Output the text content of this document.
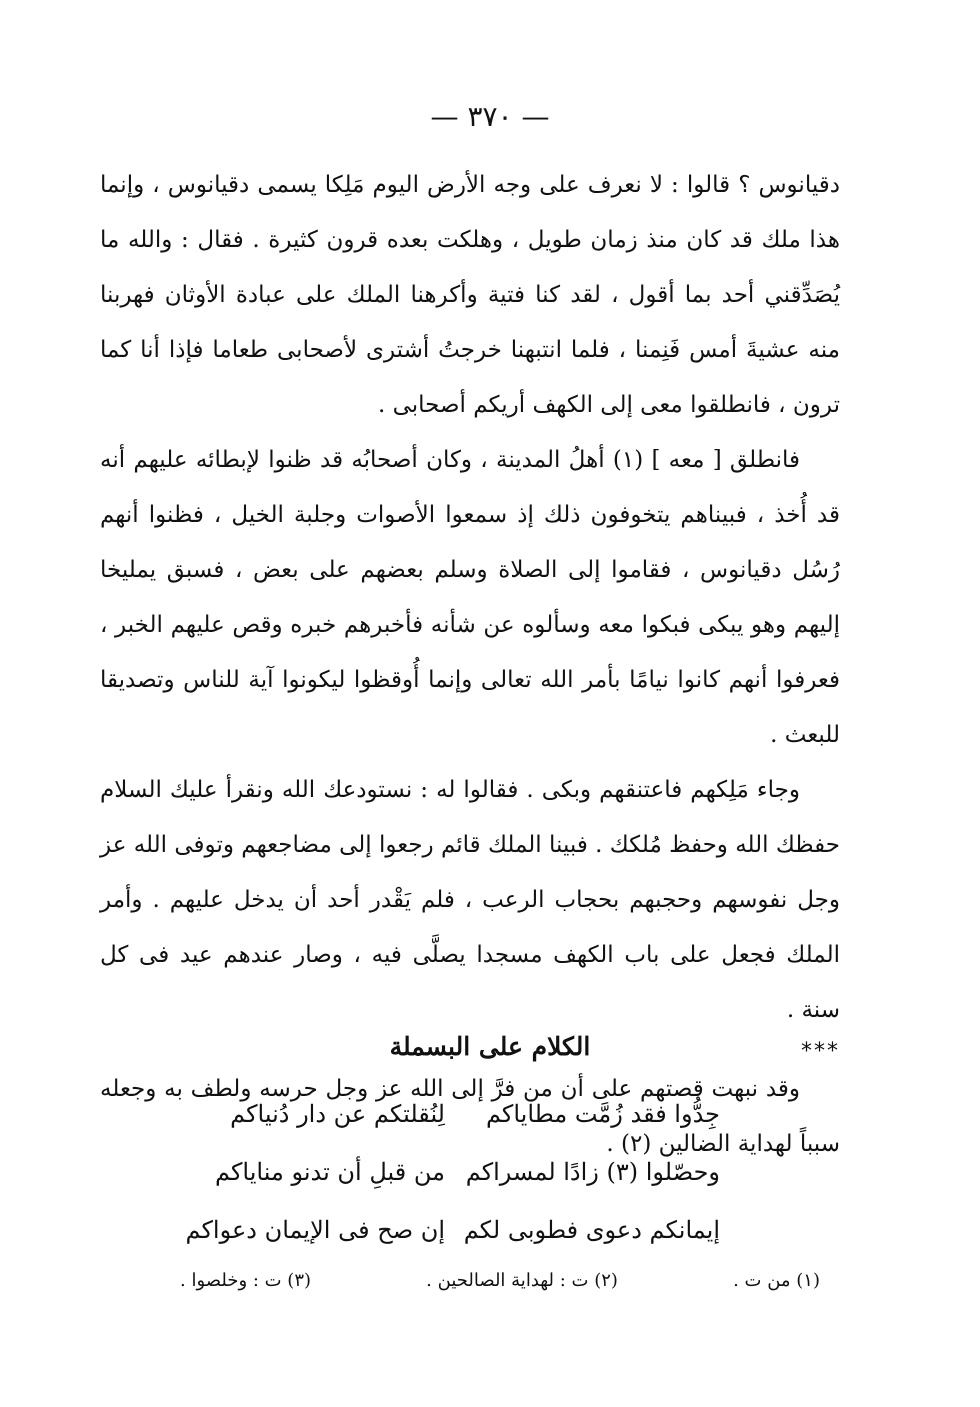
— ٣٧٠ —

دقيانوس ؟ قالوا : لا نعرف على وجه الأرض اليوم مَلِكا يسمى دقيانوس ، وإنما هذا ملك قد كان منذ زمان طويل ، وهلكت بعده قرون كثيرة . فقال : والله ما يُصَدِّقني أحد بما أقول ، لقد كنا فتية وأكرهنا الملك على عبادة الأوثان فهربنا منه عشيةَ أمس فَنِمنا ، فلما انتبهنا خرجتُ أشترى لأصحابى طعاما فإذا أنا كما ترون ، فانطلقوا معى إلى الكهف أريكم أصحابى .

فانطلق [ معه ] (١) أهلُ المدينة ، وكان أصحابُه قد ظنوا لإبطائه عليهم أنه قد أُخذ ، فبيناهم يتخوفون ذلك إذ سمعوا الأصوات وجلبة الخيل ، فظنوا أنهم رُسُل دقيانوس ، فقاموا إلى الصلاة وسلم بعضهم على بعض ، فسبق يمليخا إليهم وهو يبكى فبكوا معه وسألوه عن شأنه فأخبرهم خبره وقص عليهم الخبر ، فعرفوا أنهم كانوا نيامًا بأمر الله تعالى وإنما أُوقظوا ليكونوا آية للناس وتصديقا للبعث .

وجاء مَلِكهم فاعتنقهم وبكى . فقالوا له : نستودعك الله ونقرأ عليك السلام حفظك الله وحفظ مُلكك . فبينا الملك قائم رجعوا إلى مضاجعهم وتوفى الله عز وجل نفوسهم وحجبهم بحجاب الرعب ، فلم يَقْدر أحد أن يدخل عليهم . وأمر الملك فجعل على باب الكهف مسجدا يصلَّى فيه ، وصار عندهم عيد فى كل سنة .

***

وقد نبهت قصتهم على أن من فرَّ إلى الله عز وجل حرسه ولطف به وجعله سبباً لهداية الضالين (٢) .

الكلام على البسملة
جِدُّوا فقد زُمَّت مطاياكم
لِنُقلتكم عن دار دُنياكم
وحصّلوا (٣) زادًا لمسراكم
من قبلِ أن تدنو مناياكم
إيمانكم دعوى فطوبى لكم
إن صح فى الإيمان دعواكم
(١) من ت .
(٢) ت : لهداية الصالحين .
(٣) ت : وخلصوا .
